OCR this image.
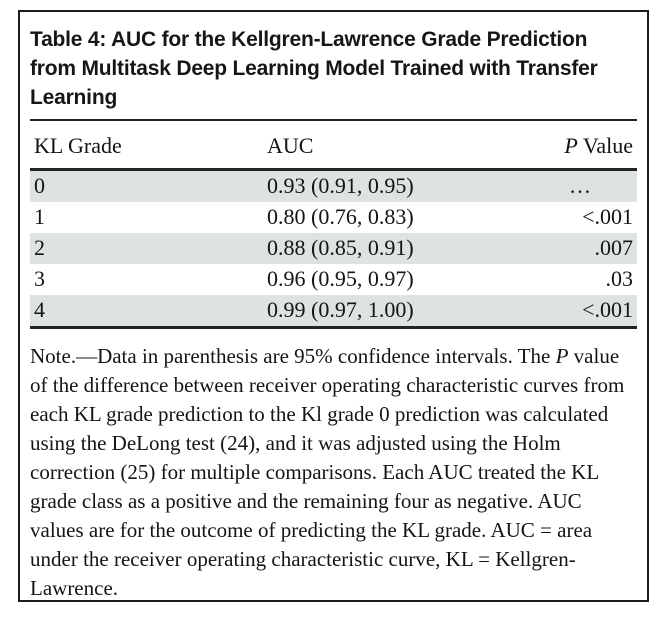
Table 4: AUC for the Kellgren-Lawrence Grade Prediction
from Multitask Deep Learning Model Trained with Transfer
Learning
KL Grade	AUC	P Value
0	0.93 (0.91, 0.95)	…
1	0.80 (0.76, 0.83)	<.001
2	0.88 (0.85, 0.91)	.007
3	0.96 (0.95, 0.97)	.03
4	0.99 (0.97, 1.00)	<.001

Note.—Data in parenthesis are 95% confidence intervals. The P value of the difference between receiver operating characteristic curves from each KL grade prediction to the Kl grade 0 prediction was calculated using the DeLong test (24), and it was adjusted using the Holm correction (25) for multiple comparisons. Each AUC treated the KL grade class as a positive and the remaining four as negative. AUC values are for the outcome of predicting the KL grade. AUC = area under the receiver operating characteristic curve, KL = Kellgren-Lawrence.
